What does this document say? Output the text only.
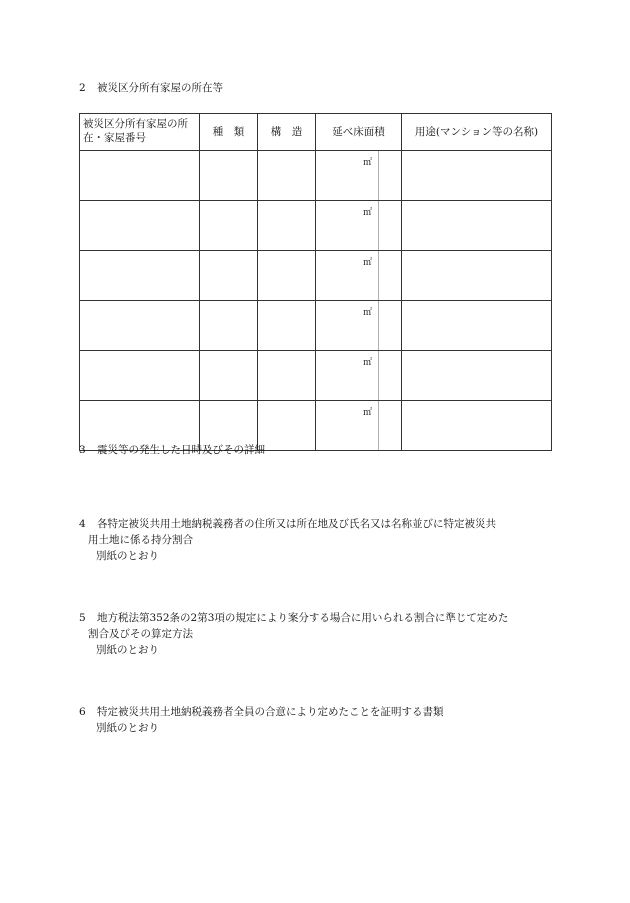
2 被災区分所有家屋の所在等
被災区分所有家屋の所在・家屋番号	種　類	構　造	延べ床面積		用途(マンション等の名称)
			㎡		
			㎡		
			㎡		
			㎡		
			㎡		
			㎡		
3 震災等の発生した日時及びその詳細
4 各特定被災共用土地納税義務者の住所又は所在地及び氏名又は名称並びに特定被災共
用土地に係る持分割合
別紙のとおり
5 地方税法第352条の2第3項の規定により案分する場合に用いられる割合に準じて定めた
割合及びその算定方法
別紙のとおり
6 特定被災共用土地納税義務者全員の合意により定めたことを証明する書類
別紙のとおり
